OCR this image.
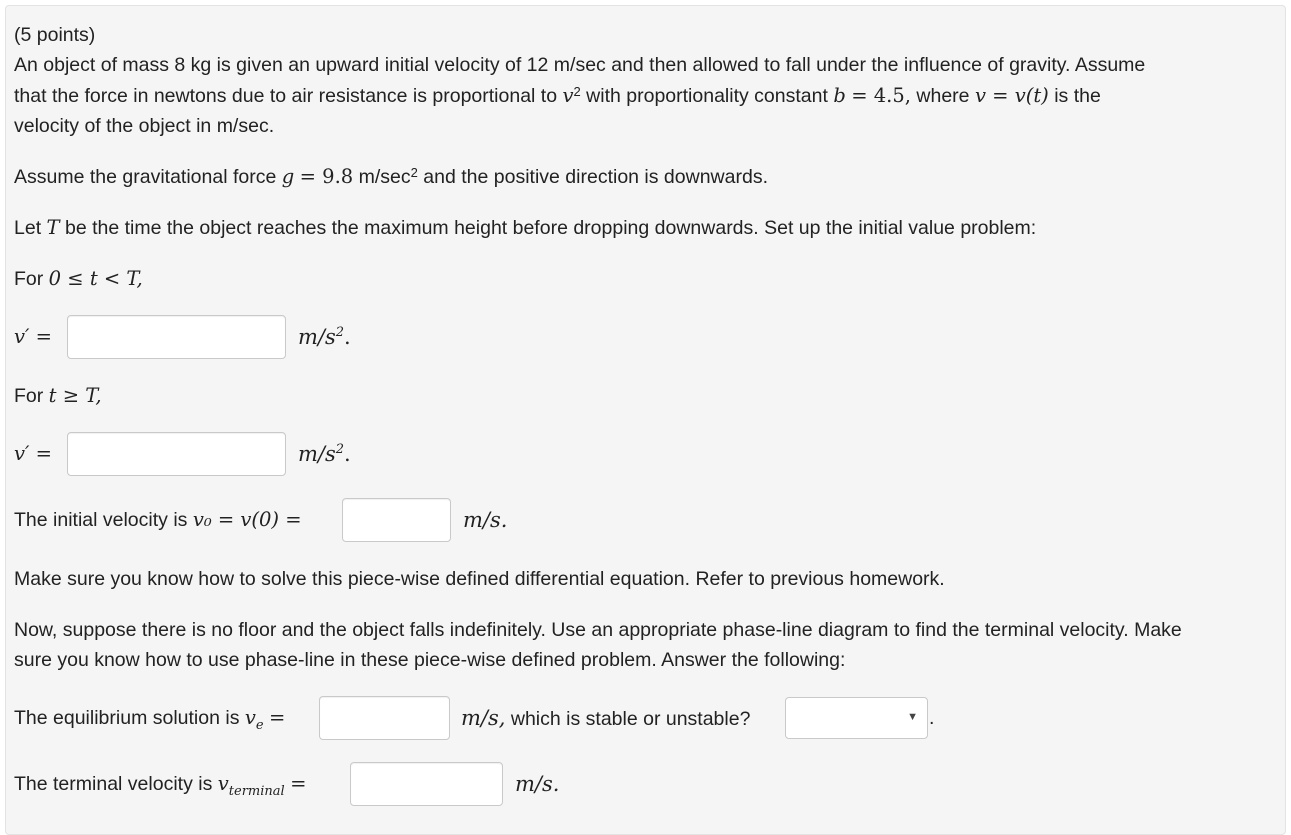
(5 points)
An object of mass 8 kg is given an upward initial velocity of 12 m/sec and then allowed to fall under the influence of gravity. Assume
that the force in newtons due to air resistance is proportional to $v^2$ with proportionality constant b = 4.5, where v = v(t) is the
velocity of the object in m/sec.
Assume the gravitational force g = 9.8 $m/\sec^2$ and the positive direction is downwards.
Let T be the time the object reaches the maximum height before dropping downwards. Set up the initial value problem:
For 0 ≤ t < T,
v′ =	$m/s^2$.
For t ≥ T,
v′ =	$m/s^2$.
The initial velocity is v₀ = v(0) =	m/s.
Make sure you know how to solve this piece-wise defined differential equation. Refer to previous homework.
Now, suppose there is no floor and the object falls indefinitely. Use an appropriate phase-line diagram to find the terminal velocity. Make
sure you know how to use phase-line in these piece-wise defined problem. Answer the following:
The equilibrium solution is $v_e$ =	m/s, which is stable or unstable?	▼ .
The terminal velocity is $v_{terminal}$ =	m/s.
